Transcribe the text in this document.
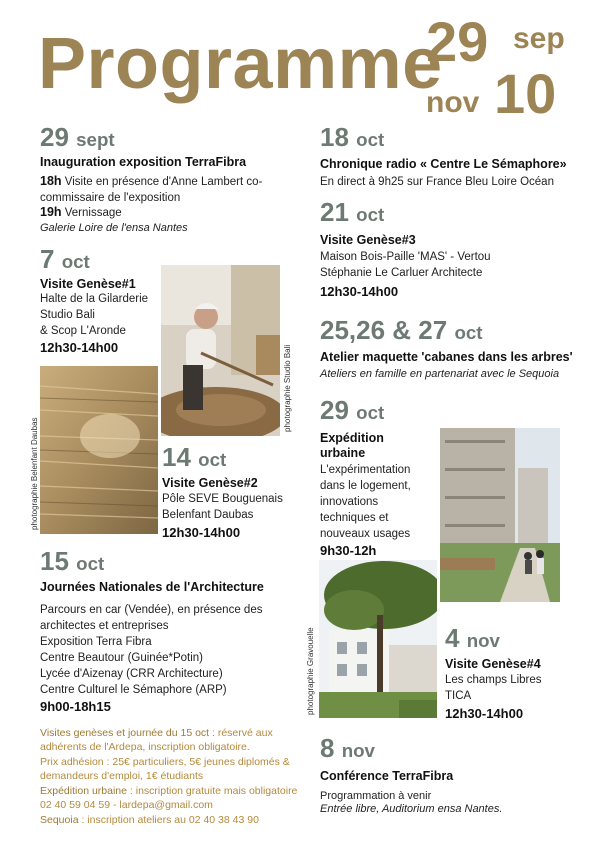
Programme
29 sep
nov 10
29 sept
Inauguration exposition TerraFibra
18h Visite en présence d'Anne Lambert co-commissaire de l'exposition
19h Vernissage
Galerie Loire de l'ensa Nantes
7 oct
Visite Genèse#1
Halte de la Gilarderie
Studio Bali
& Scop L'Aronde
12h30-14h00
photographie Belenfant Daubas
photographie Studio Bali
14 oct
Visite Genèse#2
Pôle SEVE Bouguenais
Belenfant Daubas
12h30-14h00
15 oct
Journées Nationales de l'Architecture
Parcours en car (Vendée), en présence des
architectes et entreprises
Exposition Terra Fibra
Centre Beautour (Guinée*Potin)
Lycée d'Aizenay (CRR Architecture)
Centre Culturel le Sémaphore (ARP)
9h00-18h15
Visites genèses et journée du 15 oct : réservé aux
adhérents de l'Ardepa, inscription obligatoire.
Prix adhésion : 25€ particuliers, 5€ jeunes diplomés &
demandeurs d'emploi, 1€ étudiants
Expédition urbaine : inscription gratuite mais obligatoire
02 40 59 04 59 - lardepa@gmail.com
Sequoia : inscription ateliers au 02 40 38 43 90
18 oct
Chronique radio « Centre Le Sémaphore»
En direct à 9h25 sur France Bleu Loire Océan
21 oct
Visite Genèse#3
Maison Bois-Paille 'MAS' - Vertou
Stéphanie Le Carluer Architecte
12h30-14h00
25,26 & 27 oct
Atelier maquette 'cabanes dans les arbres'
Ateliers en famille en partenariat avec le Sequoia
29 oct
Expédition
urbaine
L'expérimentation
dans le logement,
innovations
techniques et
nouveaux usages
9h30-12h
photographie Gravouelle	4 nov
Visite Genèse#4
Les champs Libres
TICA
12h30-14h00
8 nov
Conférence TerraFibra
Programmation à venir
Entrée libre, Auditorium ensa Nantes.
